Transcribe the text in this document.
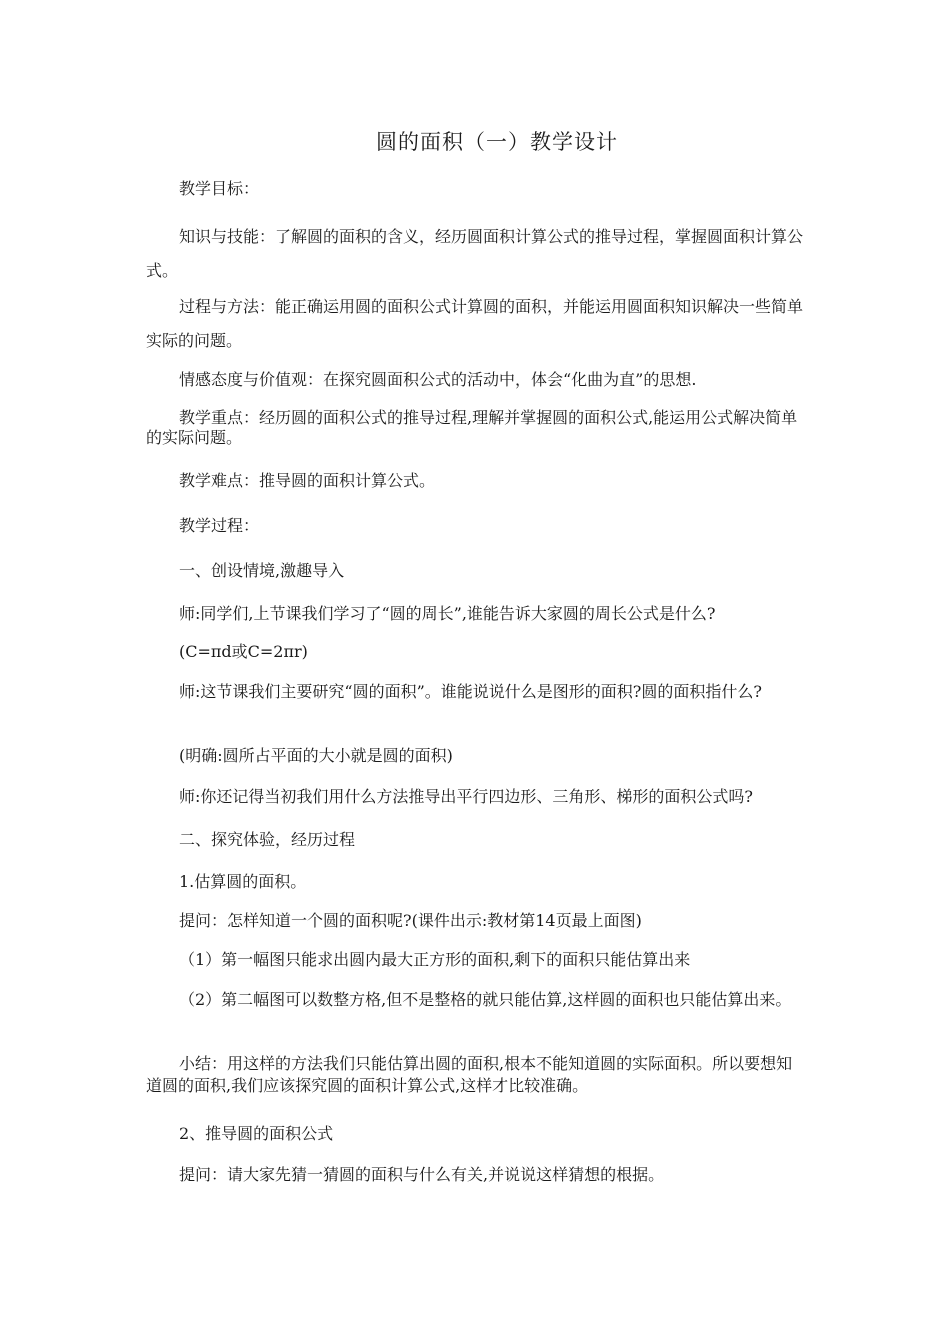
圆的面积（一）教学设计

教学目标：

知识与技能：了解圆的面积的含义，经历圆面积计算公式的推导过程，掌握圆面积计算公式。

过程与方法：能正确运用圆的面积公式计算圆的面积，并能运用圆面积知识解决一些简单实际的问题。

情感态度与价值观：在探究圆面积公式的活动中，体会“化曲为直”的思想.

教学重点：经历圆的面积公式的推导过程,理解并掌握圆的面积公式,能运用公式解决简单的实际问题。

教学难点：推导圆的面积计算公式。

教学过程：

一、创设情境,激趣导入

师:同学们,上节课我们学习了“圆的周长”,谁能告诉大家圆的周长公式是什么?

(C=πd或C=2πr)

师:这节课我们主要研究“圆的面积”。谁能说说什么是图形的面积?圆的面积指什么?

(明确:圆所占平面的大小就是圆的面积)

师:你还记得当初我们用什么方法推导出平行四边形、三角形、梯形的面积公式吗?

二、探究体验，经历过程

1.估算圆的面积。

提问：怎样知道一个圆的面积呢?(课件出示:教材第14页最上面图)

（1）第一幅图只能求出圆内最大正方形的面积,剩下的面积只能估算出来

（2）第二幅图可以数整方格,但不是整格的就只能估算,这样圆的面积也只能估算出来。

小结：用这样的方法我们只能估算出圆的面积,根本不能知道圆的实际面积。所以要想知道圆的面积,我们应该探究圆的面积计算公式,这样才比较准确。

2、推导圆的面积公式

提问：请大家先猜一猜圆的面积与什么有关,并说说这样猜想的根据。
